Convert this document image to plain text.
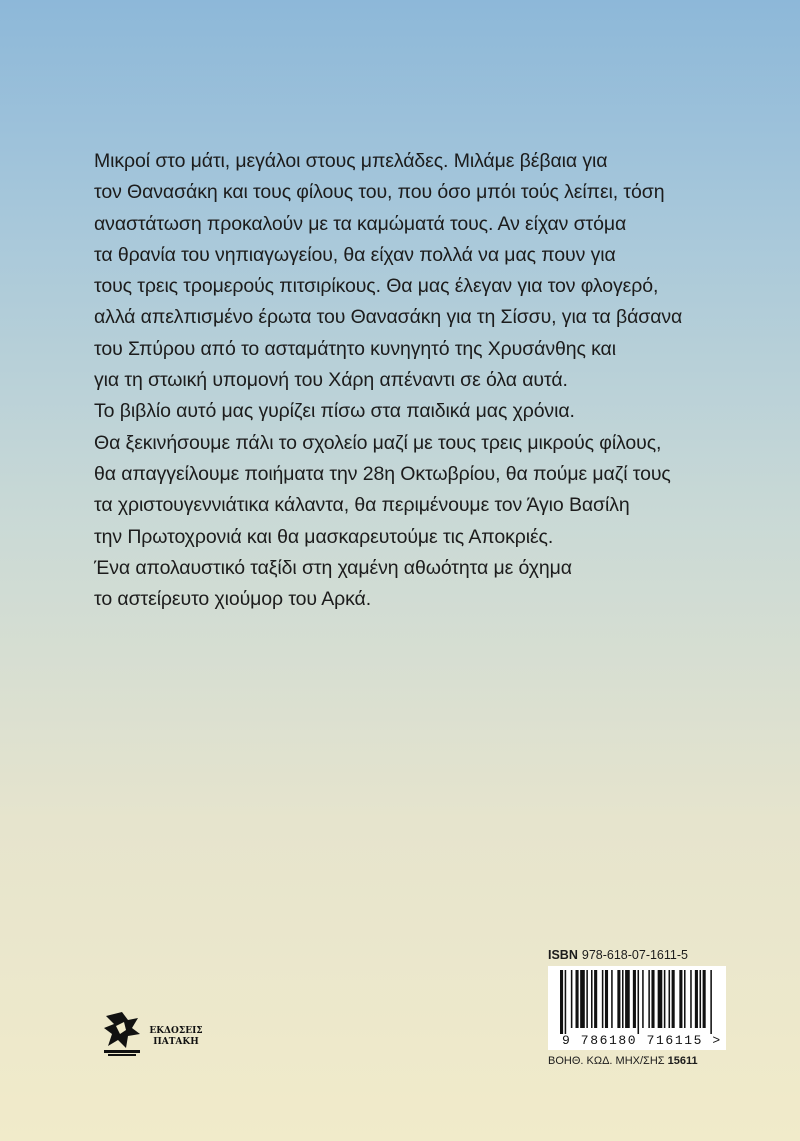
Μικροί στο μάτι, μεγάλοι στους μπελάδες. Μιλάμε βέβαια για
τον Θανασάκη και τους φίλους του, που όσο μπόι τούς λείπει, τόση
αναστάτωση προκαλούν με τα καμώματά τους. Αν είχαν στόμα
τα θρανία του νηπιαγωγείου, θα είχαν πολλά να μας πουν για
τους τρεις τρομερούς πιτσιρίκους. Θα μας έλεγαν για τον φλογερό,
αλλά απελπισμένο έρωτα του Θανασάκη για τη Σίσσυ, για τα βάσανα
του Σπύρου από το ασταμάτητο κυνηγητό της Χρυσάνθης και
για τη στωική υπομονή του Χάρη απέναντι σε όλα αυτά.
Το βιβλίο αυτό μας γυρίζει πίσω στα παιδικά μας χρόνια.
Θα ξεκινήσουμε πάλι το σχολείο μαζί με τους τρεις μικρούς φίλους,
θα απαγγείλουμε ποιήματα την 28η Οκτωβρίου, θα πούμε μαζί τους
τα χριστουγεννιάτικα κάλαντα, θα περιμένουμε τον Άγιο Βασίλη
την Πρωτοχρονιά και θα μασκαρευτούμε τις Αποκριές.
Ένα απολαυστικό ταξίδι στη χαμένη αθωότητα με όχημα
το αστείρευτο χιούμορ του Αρκά.
ΕΚΔΟΣΕΙΣ
ΠΑΤΑΚΗ
ISBN 978-618-07-1611-5
9 786180 716115 >
ΒΟΗΘ. ΚΩΔ. ΜΗΧ/ΣΗΣ 15611
